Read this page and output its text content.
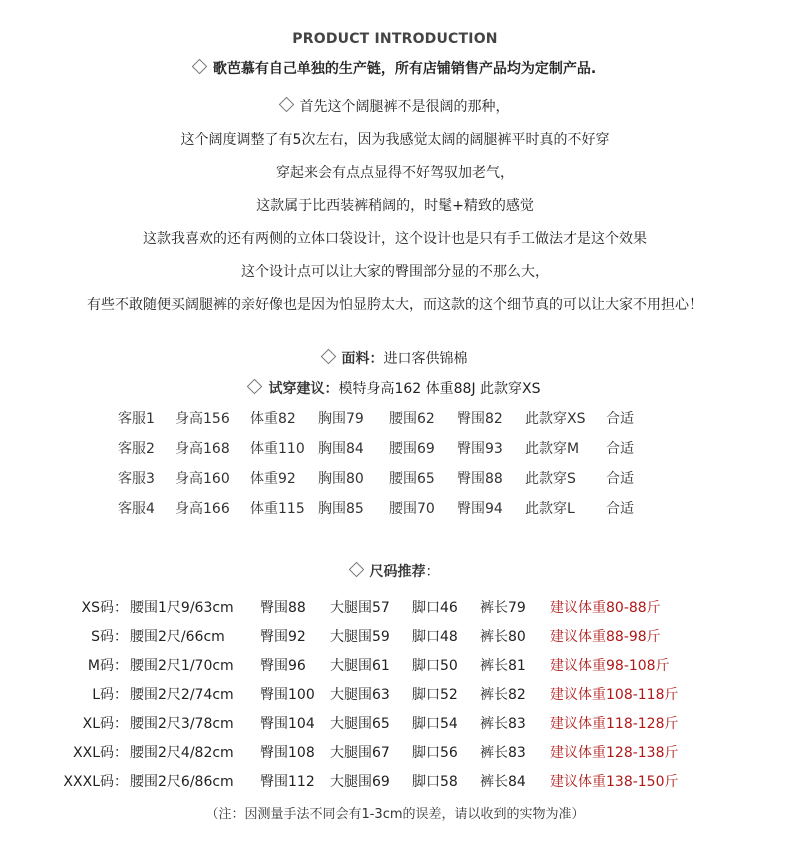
PRODUCT INTRODUCTION
歌芭慕有自己单独的生产链，所有店铺销售产品均为定制产品.
首先这个阔腿裤不是很阔的那种，
这个阔度调整了有5次左右，因为我感觉太阔的阔腿裤平时真的不好穿
穿起来会有点点显得不好驾驭加老气，
这款属于比西装裤稍阔的，时髦+精致的感觉
这款我喜欢的还有两侧的立体口袋设计，这个设计也是只有手工做法才是这个效果
这个设计点可以让大家的臀围部分显的不那么大，
有些不敢随便买阔腿裤的亲好像也是因为怕显胯太大，而这款的这个细节真的可以让大家不用担心！
面料：进口客供锦棉
试穿建议：模特身高162 体重88J 此款穿XS
客服1 身高156 体重82 胸围79 腰围62 臀围82 此款穿XS 合适
客服2 身高168 体重110 胸围84 腰围69 臀围93 此款穿M 合适
客服3 身高160 体重92 胸围80 腰围65 臀围88 此款穿S 合适
客服4 身高166 体重115 胸围85 腰围70 臀围94 此款穿L 合适
尺码推荐：
XS码： 腰围1尺9/63cm 臀围88 大腿围57 脚口46 裤长79 建议体重80-88斤
S码： 腰围2尺/66cm	臀围92 大腿围59 脚口48 裤长80 建议体重88-98斤
M码： 腰围2尺1/70cm 臀围96 大腿围61 脚口50 裤长81 建议体重98-108斤
L码： 腰围2尺2/74cm 臀围100 大腿围63 脚口52 裤长82 建议体重108-118斤
XL码： 腰围2尺3/78cm 臀围104 大腿围65 脚口54 裤长83 建议体重118-128斤
XXL码： 腰围2尺4/82cm 臀围108 大腿围67 脚口56 裤长83 建议体重128-138斤
XXXL码： 腰围2尺6/86cm 臀围112 大腿围69 脚口58 裤长84 建议体重138-150斤
（注：因测量手法不同会有1-3cm的误差，请以收到的实物为准）
